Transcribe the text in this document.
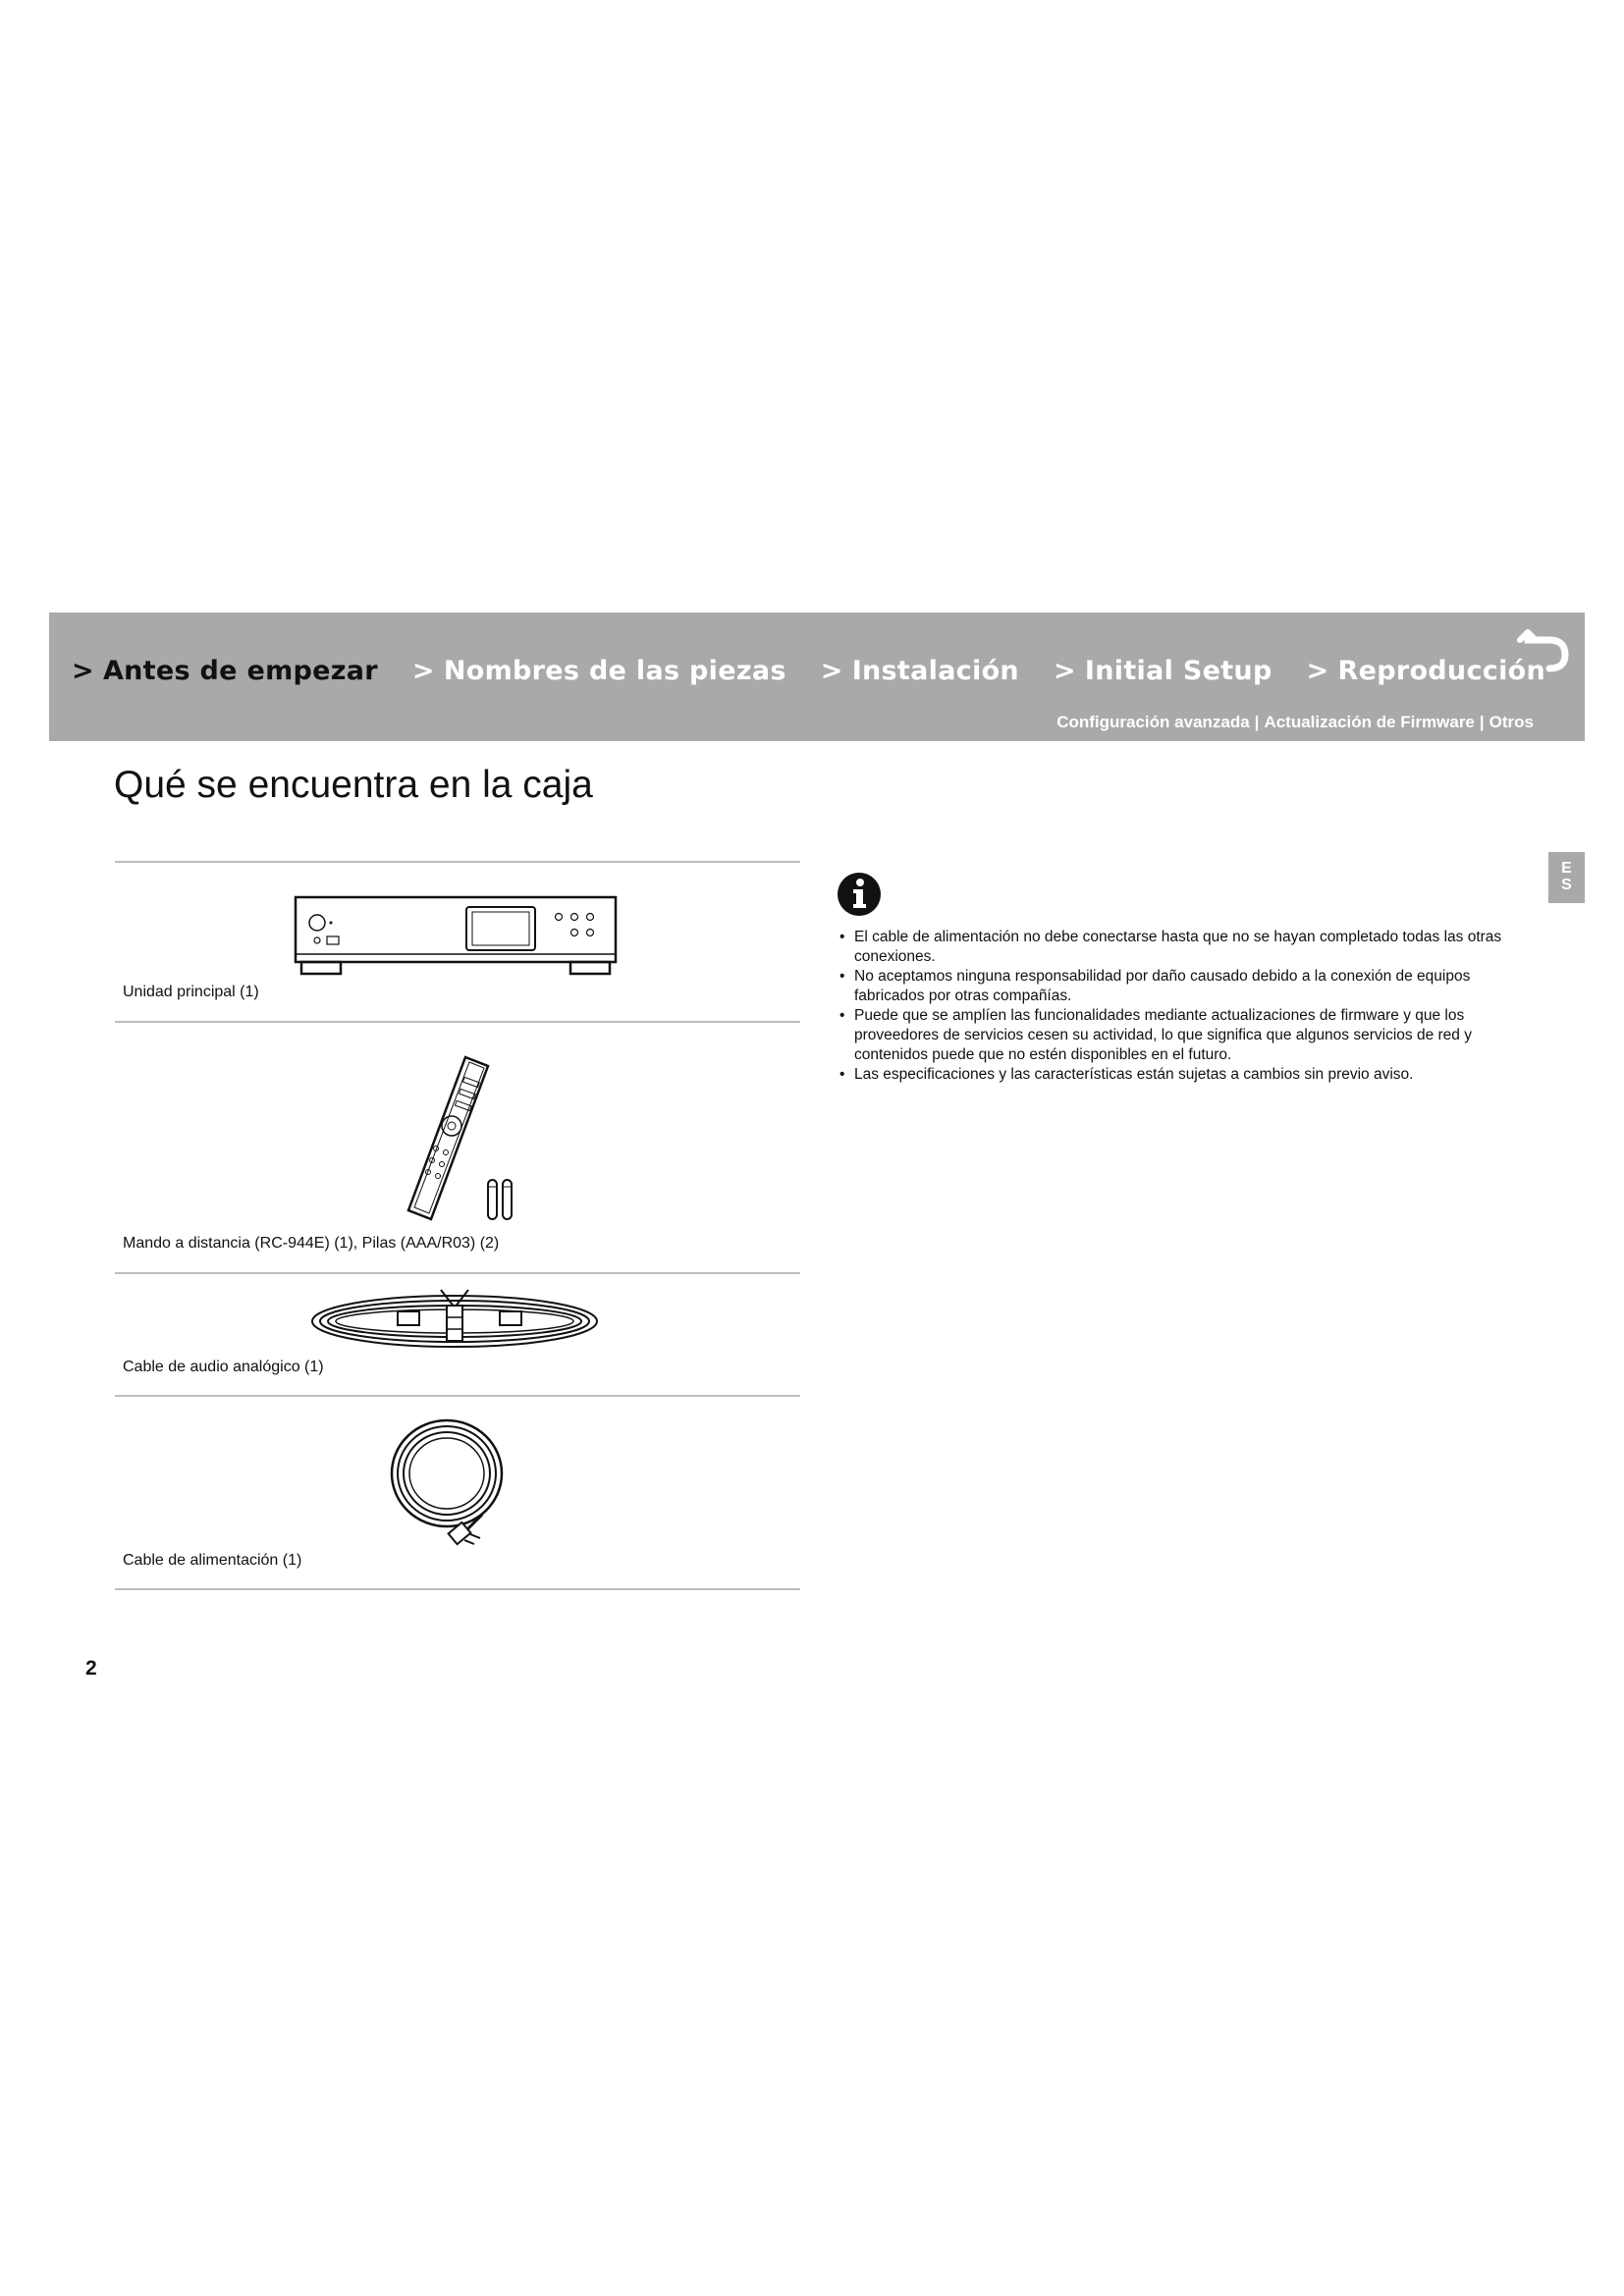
> Antes de empezar > Nombres de las piezas > Instalación > Initial Setup > Reproducción
Configuración avanzada | Actualización de Firmware | Otros
Qué se encuentra en la caja
E
S
Unidad principal (1)
Mando a distancia (RC-944E) (1), Pilas (AAA/R03) (2)
Cable de audio analógico (1)
Cable de alimentación (1)
• El cable de alimentación no debe conectarse hasta que no se hayan completado todas las otras conexiones.
• No aceptamos ninguna responsabilidad por daño causado debido a la conexión de equipos fabricados por otras compañías.
• Puede que se amplíen las funcionalidades mediante actualizaciones de firmware y que los proveedores de servicios cesen su actividad, lo que significa que algunos servicios de red y contenidos puede que no estén disponibles en el futuro.
• Las especificaciones y las características están sujetas a cambios sin previo aviso.
2
